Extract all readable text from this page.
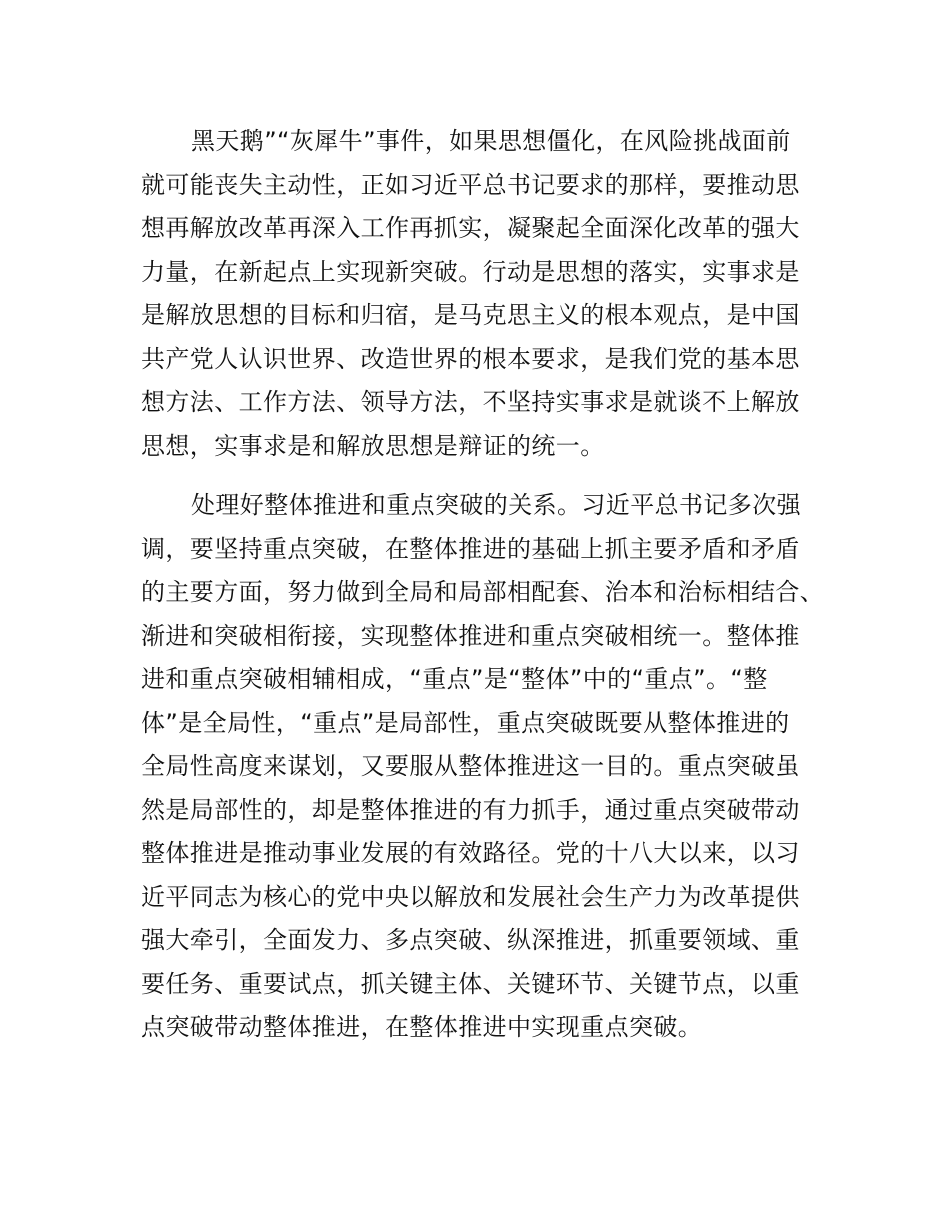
黑天鹅”“灰犀牛”事件，如果思想僵化，在风险挑战面前
就可能丧失主动性，正如习近平总书记要求的那样，要推动思
想再解放改革再深入工作再抓实，凝聚起全面深化改革的强大
力量，在新起点上实现新突破。行动是思想的落实，实事求是
是解放思想的目标和归宿，是马克思主义的根本观点，是中国
共产党人认识世界、改造世界的根本要求，是我们党的基本思
想方法、工作方法、领导方法，不坚持实事求是就谈不上解放
思想，实事求是和解放思想是辩证的统一。

处理好整体推进和重点突破的关系。习近平总书记多次强
调，要坚持重点突破，在整体推进的基础上抓主要矛盾和矛盾
的主要方面，努力做到全局和局部相配套、治本和治标相结合、
渐进和突破相衔接，实现整体推进和重点突破相统一。整体推
进和重点突破相辅相成，“重点”是“整体”中的“重点”。“整
体”是全局性，“重点”是局部性，重点突破既要从整体推进的
全局性高度来谋划，又要服从整体推进这一目的。重点突破虽
然是局部性的，却是整体推进的有力抓手，通过重点突破带动
整体推进是推动事业发展的有效路径。党的十八大以来，以习
近平同志为核心的党中央以解放和发展社会生产力为改革提供
强大牵引，全面发力、多点突破、纵深推进，抓重要领域、重
要任务、重要试点，抓关键主体、关键环节、关键节点，以重
点突破带动整体推进，在整体推进中实现重点突破。
